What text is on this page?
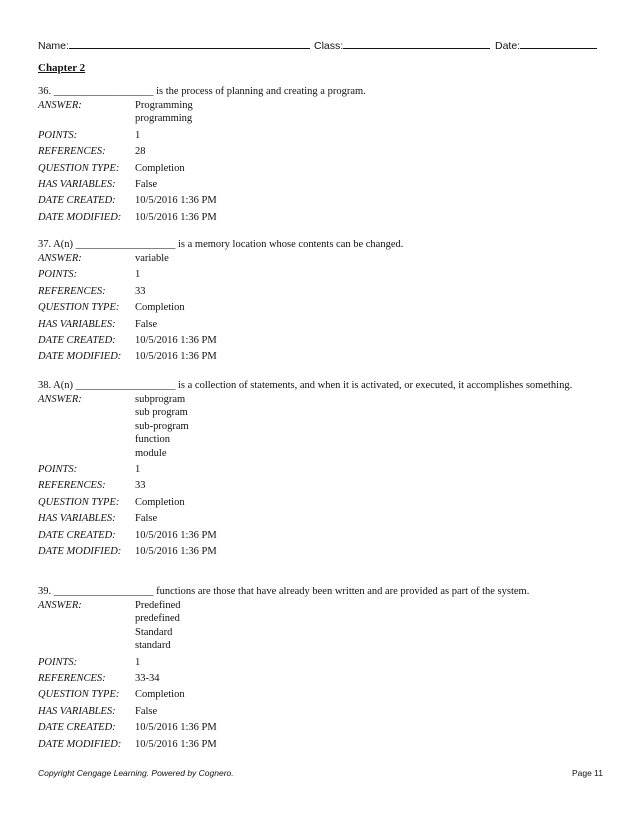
Name:	Class:	Date:
Chapter 2
36. ___________________ is the process of planning and creating a program.
ANSWER:	Programming
programming
POINTS:	1
REFERENCES:	28
QUESTION TYPE: Completion
HAS VARIABLES: False
DATE CREATED: 10/5/2016 1:36 PM
DATE MODIFIED: 10/5/2016 1:36 PM
37. A(n) ___________________ is a memory location whose contents can be changed.
ANSWER:	variable
POINTS:	1
REFERENCES:	33
QUESTION TYPE: Completion
HAS VARIABLES: False
DATE CREATED: 10/5/2016 1:36 PM
DATE MODIFIED: 10/5/2016 1:36 PM
38. A(n) ___________________ is a collection of statements, and when it is activated, or executed, it accomplishes something.
ANSWER:	subprogram
sub program
sub-program
function
module
POINTS:	1
REFERENCES:	33
QUESTION TYPE: Completion
HAS VARIABLES: False
DATE CREATED: 10/5/2016 1:36 PM
DATE MODIFIED: 10/5/2016 1:36 PM
39. ___________________ functions are those that have already been written and are provided as part of the system.
ANSWER:	Predefined
predefined
Standard
standard
POINTS:	1
REFERENCES:	33-34
QUESTION TYPE: Completion
HAS VARIABLES: False
DATE CREATED: 10/5/2016 1:36 PM
DATE MODIFIED: 10/5/2016 1:36 PM
Copyright Cengage Learning. Powered by Cognero.	Page 11
